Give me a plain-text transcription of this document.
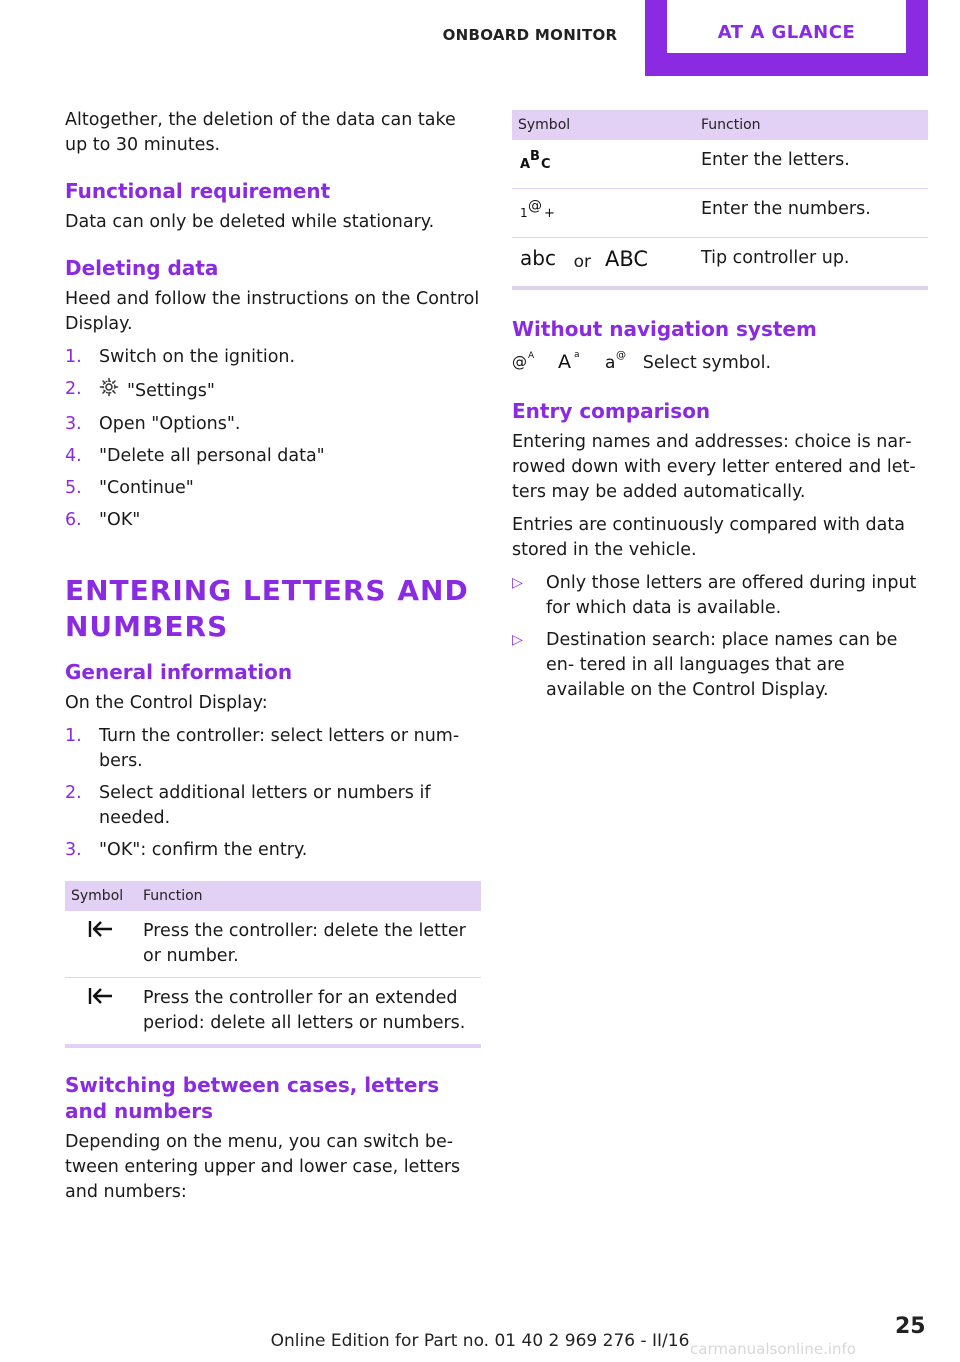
ONBOARD MONITOR	AT A GLANCE

Altogether, the deletion of the data can take up to 30 minutes.

Functional requirement

Data can only be deleted while stationary.

Deleting data

Heed and follow the instructions on the Control Display.

1. Switch on the ignition.
2.	"Settings"
3. Open "Options".
4. "Delete all personal data"
5. "Continue"
6. "OK"
ENTERING LETTERS AND
NUMBERS
General information

On the Control Display:

1. Turn the controller: select letters or num‐ bers.
2. Select additional letters or numbers if needed.
3. "OK": confirm the entry.
Symbol	Function
	Press the controller: delete the letter or number.
	Press the controller for an extended period: delete all letters or numbers.
Switching between cases, letters and numbers

Depending on the menu, you can switch be‐ tween entering upper and lower case, letters and numbers:

Symbol	Function

A
B
C	Enter the letters.

1 @ +	Enter the numbers.

abc or ABC	Tip controller up.
Without navigation system

@ A
A a
a @ Select symbol.

Entry comparison

Entering names and addresses: choice is nar‐ rowed down with every letter entered and let‐ ters may be added automatically.

Entries are continuously compared with data stored in the vehicle.

▷ Only those letters are offered during input for which data is available.
▷ Destination search: place names can be en‐ tered in all languages that are available on the Control Display.
25
Online Edition for Part no. 01 40 2 969 276 - II/16 carmanualsonline.info
